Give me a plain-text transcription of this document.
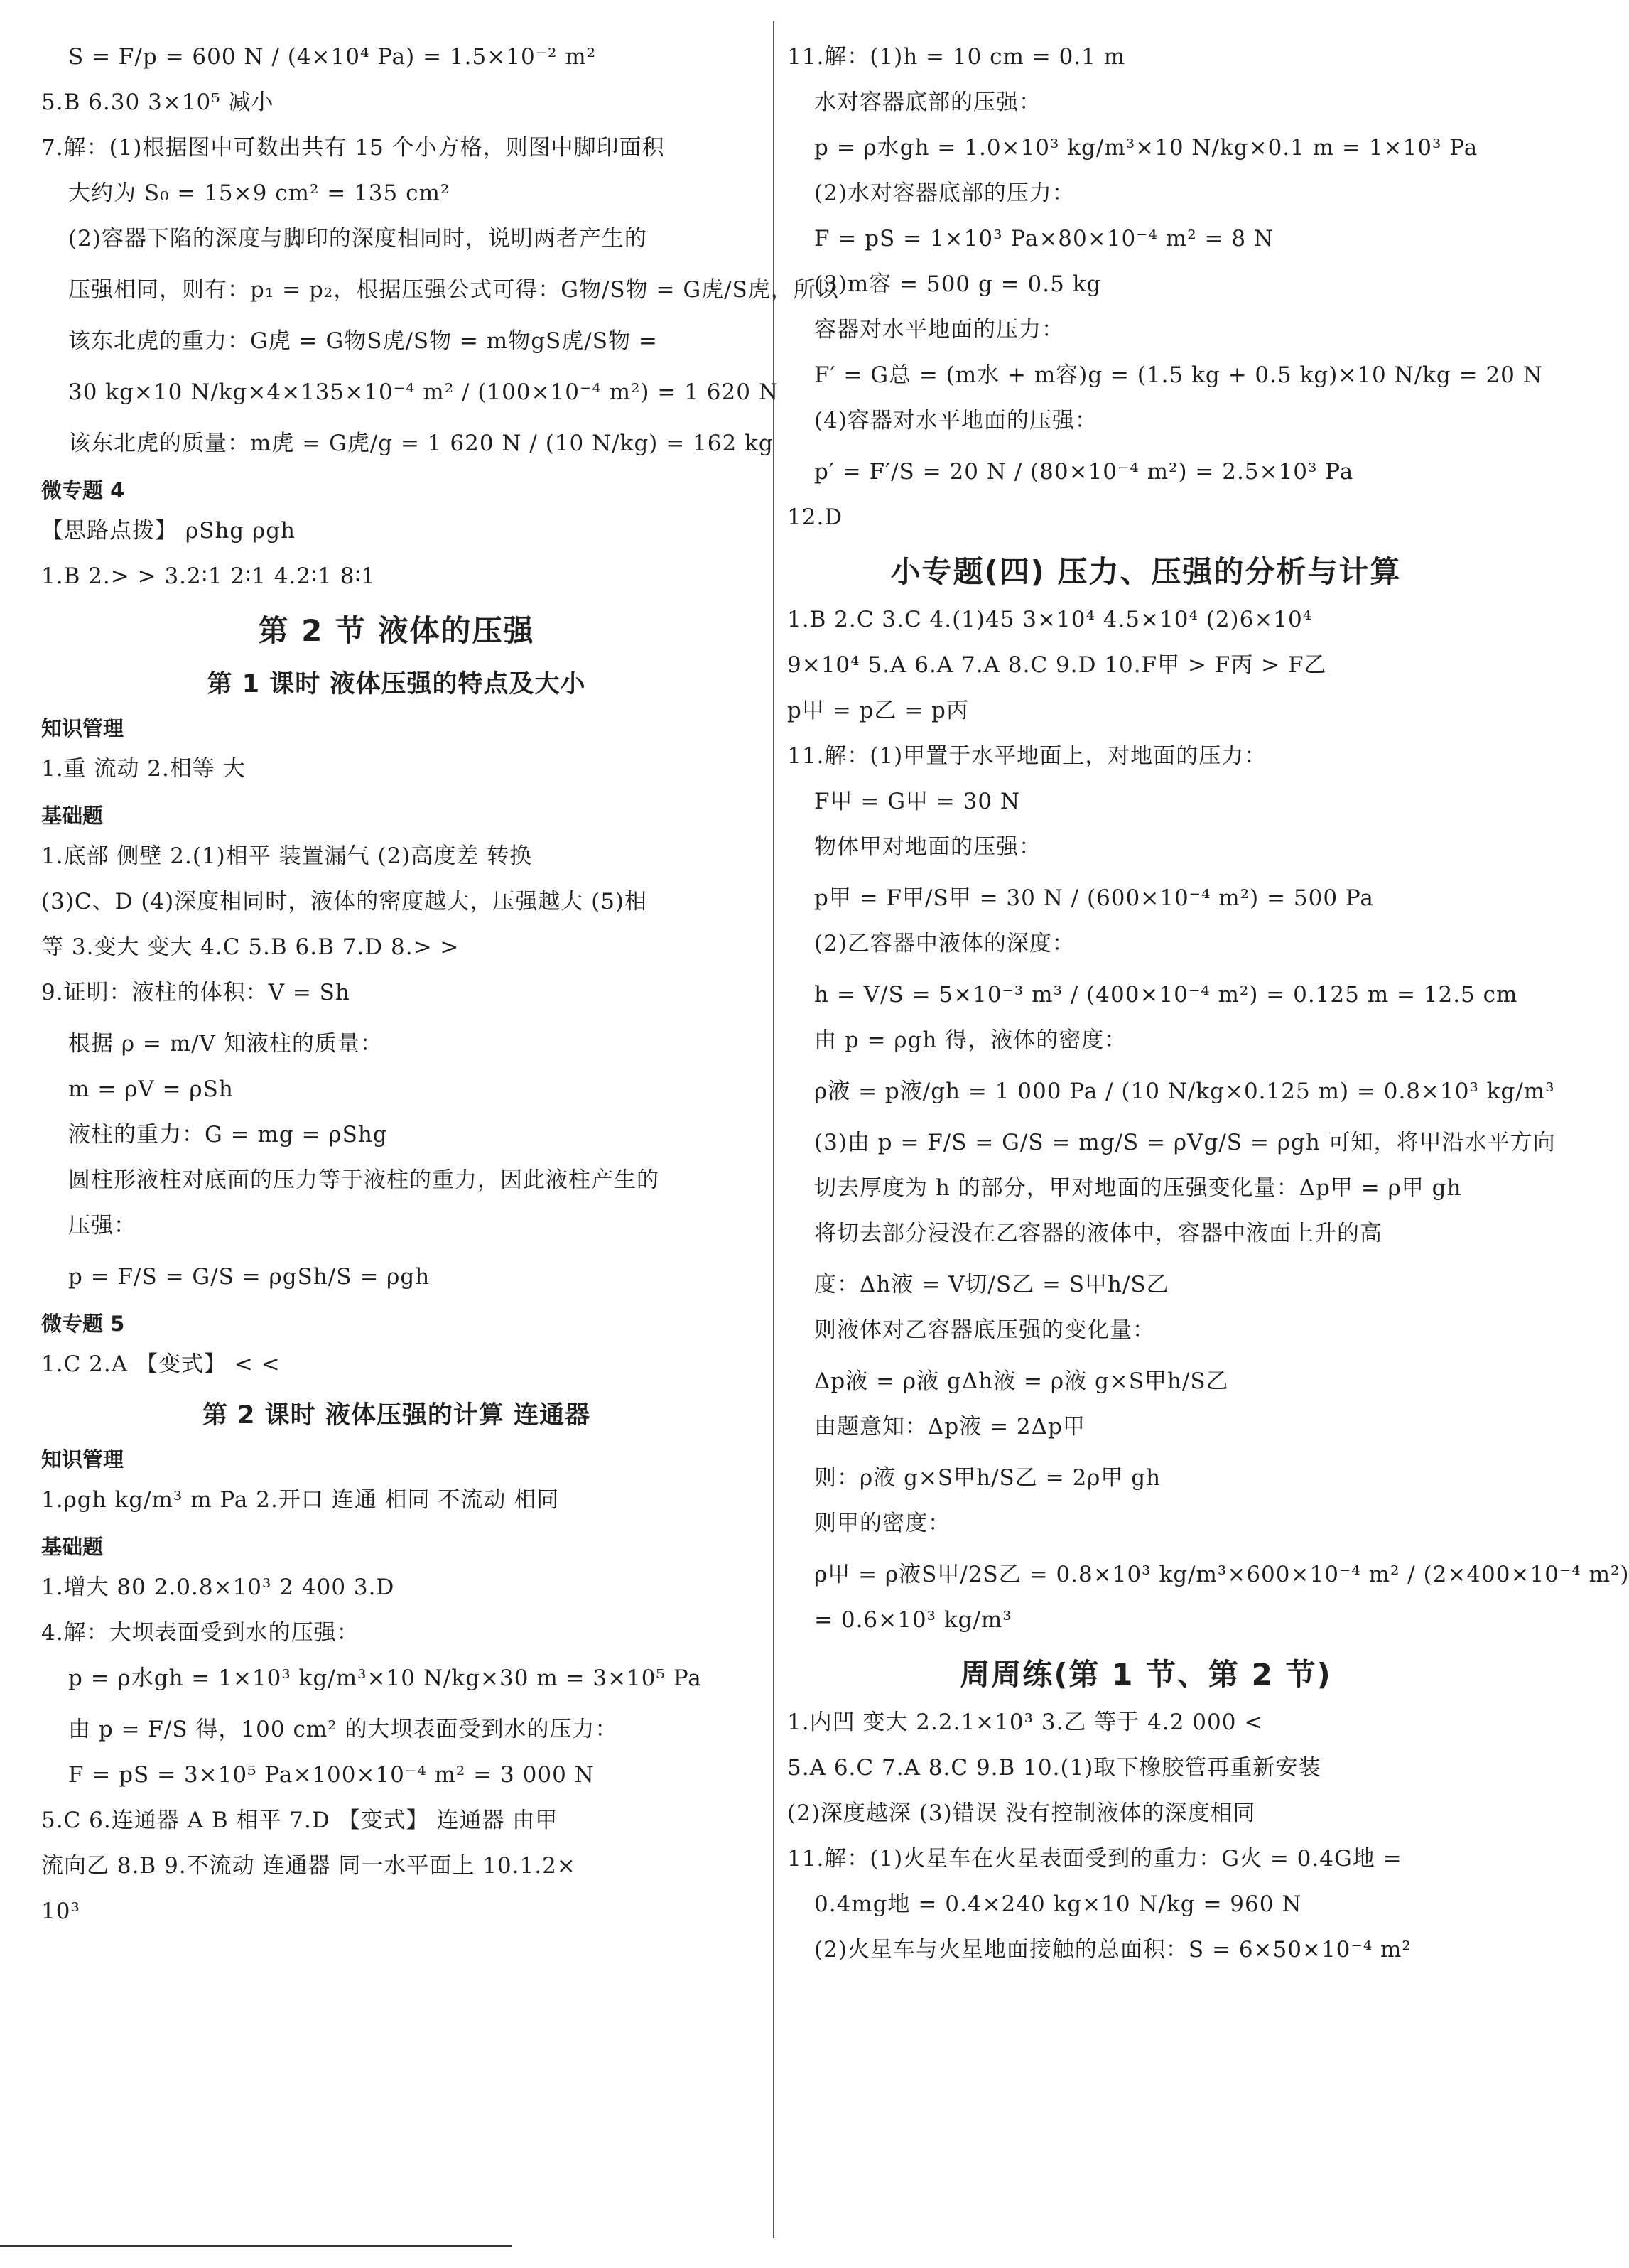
S = F/p = 600 N / (4×10⁴ Pa) = 1.5×10⁻² m²
5.B 6.30 3×10⁵ 减小
7.解：(1)根据图中可数出共有 15 个小方格，则图中脚印面积
大约为 S₀ = 15×9 cm² = 135 cm²
(2)容器下陷的深度与脚印的深度相同时，说明两者产生的
压强相同，则有：p₁ = p₂，根据压强公式可得：G物/S物 = G虎/S虎，所以
该东北虎的重力：G虎 = G物S虎/S物 = m物gS虎/S物 =
30 kg×10 N/kg×4×135×10⁻⁴ m² / (100×10⁻⁴ m²) = 1 620 N
该东北虎的质量：m虎 = G虎/g = 1 620 N / (10 N/kg) = 162 kg
微专题 4
【思路点拨】 ρShg ρgh
1.B 2.> > 3.2∶1 2∶1 4.2∶1 8∶1
第 2 节 液体的压强
第 1 课时 液体压强的特点及大小
知识管理
1.重 流动 2.相等 大
基础题
1.底部 侧壁 2.(1)相平 装置漏气 (2)高度差 转换
(3)C、D (4)深度相同时，液体的密度越大，压强越大 (5)相
等 3.变大 变大 4.C 5.B 6.B 7.D 8.> >
9.证明：液柱的体积：V = Sh
根据 ρ = m/V 知液柱的质量：
m = ρV = ρSh
液柱的重力：G = mg = ρShg
圆柱形液柱对底面的压力等于液柱的重力，因此液柱产生的
压强：
p = F/S = G/S = ρgSh/S = ρgh
微专题 5
1.C 2.A 【变式】 < <
第 2 课时 液体压强的计算 连通器
知识管理
1.ρgh kg/m³ m Pa 2.开口 连通 相同 不流动 相同
基础题
1.增大 80 2.0.8×10³ 2 400 3.D
4.解：大坝表面受到水的压强：
p = ρ水gh = 1×10³ kg/m³×10 N/kg×30 m = 3×10⁵ Pa
由 p = F/S 得，100 cm² 的大坝表面受到水的压力：
F = pS = 3×10⁵ Pa×100×10⁻⁴ m² = 3 000 N
5.C 6.连通器 A B 相平 7.D 【变式】 连通器 由甲
流向乙 8.B 9.不流动 连通器 同一水平面上 10.1.2×
10³
11.解：(1)h = 10 cm = 0.1 m
水对容器底部的压强：
p = ρ水gh = 1.0×10³ kg/m³×10 N/kg×0.1 m = 1×10³ Pa
(2)水对容器底部的压力：
F = pS = 1×10³ Pa×80×10⁻⁴ m² = 8 N
(3)m容 = 500 g = 0.5 kg
容器对水平地面的压力：
F′ = G总 = (m水 + m容)g = (1.5 kg + 0.5 kg)×10 N/kg = 20 N
(4)容器对水平地面的压强：
p′ = F′/S = 20 N / (80×10⁻⁴ m²) = 2.5×10³ Pa
12.D
小专题(四) 压力、压强的分析与计算
1.B 2.C 3.C 4.(1)45 3×10⁴ 4.5×10⁴ (2)6×10⁴
9×10⁴ 5.A 6.A 7.A 8.C 9.D 10.F甲 > F丙 > F乙
p甲 = p乙 = p丙
11.解：(1)甲置于水平地面上，对地面的压力：
F甲 = G甲 = 30 N
物体甲对地面的压强：
p甲 = F甲/S甲 = 30 N / (600×10⁻⁴ m²) = 500 Pa
(2)乙容器中液体的深度：
h = V/S = 5×10⁻³ m³ / (400×10⁻⁴ m²) = 0.125 m = 12.5 cm
由 p = ρgh 得，液体的密度：
ρ液 = p液/gh = 1 000 Pa / (10 N/kg×0.125 m) = 0.8×10³ kg/m³
(3)由 p = F/S = G/S = mg/S = ρVg/S = ρgh 可知，将甲沿水平方向
切去厚度为 h 的部分，甲对地面的压强变化量：Δp甲 = ρ甲 gh
将切去部分浸没在乙容器的液体中，容器中液面上升的高
度：Δh液 = V切/S乙 = S甲h/S乙
则液体对乙容器底压强的变化量：
Δp液 = ρ液 gΔh液 = ρ液 g×S甲h/S乙
由题意知：Δp液 = 2Δp甲
则：ρ液 g×S甲h/S乙 = 2ρ甲 gh
则甲的密度：
ρ甲 = ρ液S甲/2S乙 = 0.8×10³ kg/m³×600×10⁻⁴ m² / (2×400×10⁻⁴ m²)
= 0.6×10³ kg/m³
周周练(第 1 节、第 2 节)
1.内凹 变大 2.2.1×10³ 3.乙 等于 4.2 000 <
5.A 6.C 7.A 8.C 9.B 10.(1)取下橡胶管再重新安装
(2)深度越深 (3)错误 没有控制液体的深度相同
11.解：(1)火星车在火星表面受到的重力：G火 = 0.4G地 =
0.4mg地 = 0.4×240 kg×10 N/kg = 960 N
(2)火星车与火星地面接触的总面积：S = 6×50×10⁻⁴ m²
